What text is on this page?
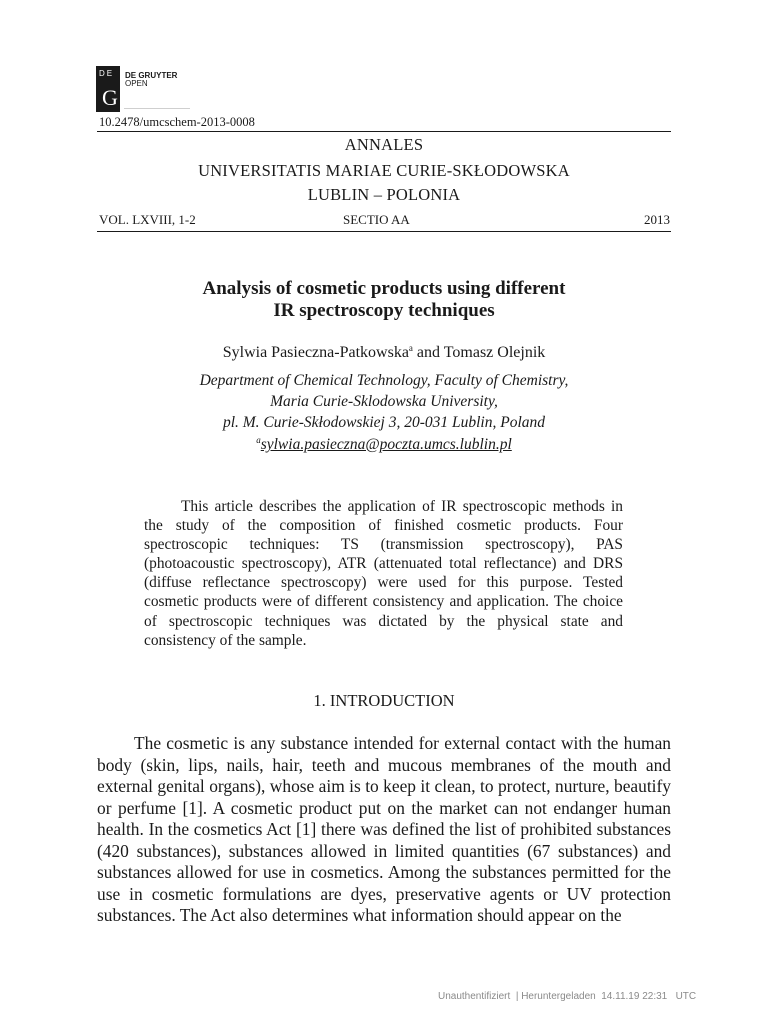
DE
G
DE GRUYTER
OPEN
10.2478/umcschem-2013-0008
ANNALES
UNIVERSITATIS MARIAE CURIE-SKŁODOWSKA
LUBLIN – POLONIA
VOL. LXVIII, 1-2	SECTIO AA	2013
Analysis of cosmetic products using different
IR spectroscopy techniques
Sylwia Pasieczna-Patkowska$^a$ and Tomasz Olejnik
Department of Chemical Technology, Faculty of Chemistry,
Maria Curie-Sklodowska University,
pl. M. Curie-Skłodowskiej 3, 20-031 Lublin, Poland
$^a$sylwia.pasieczna@poczta.umcs.lublin.pl

This article describes the application of IR spectroscopic methods in the study of the composition of finished cosmetic products. Four spectroscopic techniques: TS (transmission spectroscopy), PAS (photoacoustic spectroscopy), ATR (attenuated total reflectance) and DRS (diffuse reflectance spectroscopy) were used for this purpose. Tested cosmetic products were of different consistency and application. The choice of spectroscopic techniques was dictated by the physical state and consistency of the sample.

1. INTRODUCTION

The cosmetic is any substance intended for external contact with the human body (skin, lips, nails, hair, teeth and mucous membranes of the mouth and external genital organs), whose aim is to keep it clean, to protect, nurture, beautify or perfume [1]. A cosmetic product put on the market can not endanger human health. In the cosmetics Act [1] there was defined the list of prohibited substances (420 substances), substances allowed in limited quantities (67 substances) and substances allowed for use in cosmetics. Among the substances permitted for the use in cosmetic formulations are dyes, preservative agents or UV protection substances. The Act also determines what information should appear on the

Unauthentifiziert  | Heruntergeladen  14.11.19 22:31   UTC
